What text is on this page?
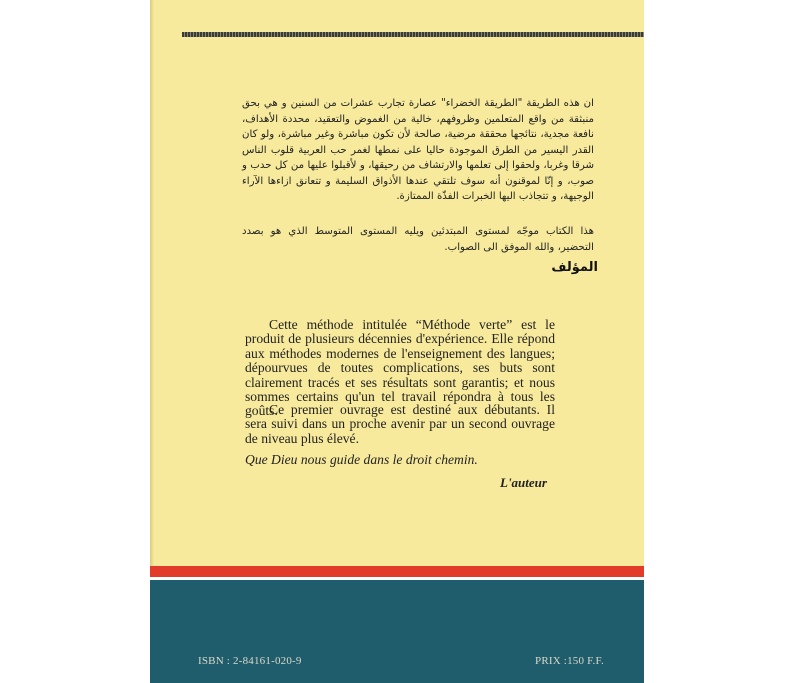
ان هذه الطريقة "الطريقة الخضراء" عصارة تجارب عشرات من السنين و هي بحق منبثقة من واقع المتعلمين وظروفهم، خالية من الغموض والتعقيد، محددة الأهداف، نافعة مجدية، نتائجها محققة مرضية، صالحة لأن تكون مباشرة وغير مباشرة، ولو كان القدر اليسير من الطرق الموجودة حاليا على نمطها لغمر حب العربية قلوب الناس شرقا وغربا، ولحقوا إلى تعلمها والارتشاف من رحيقها، و لأقبلوا عليها من كل حدب و صوب، و إنّا لموقنون أنه سوف تلتقي عندها الأذواق السليمة و تتعانق ازاءها الآراء الوجيهة، و تتجاذب اليها الخبرات الفذّة الممتازة.
هذا الكتاب موجّه لمستوى المبتدئين ويليه المستوى المتوسط الذي هو بصدد التحضير، والله الموفق الى الصواب.
المؤلف
Cette méthode intitulée “Méthode verte” est le produit de plusieurs décennies d'expérience. Elle répond aux méthodes modernes de l'enseignement des langues; dépourvues de toutes complications, ses buts sont clairement tracés et ses résultats sont garantis; et nous sommes certains qu'un tel travail répondra à tous les goûts.
Ce premier ouvrage est destiné aux débutants. Il sera suivi dans un proche avenir par un second ouvrage de niveau plus élevé.
Que Dieu nous guide dans le droit chemin.
L'auteur
ISBN : 2-84161-020-9	PRIX :150 F.F.
